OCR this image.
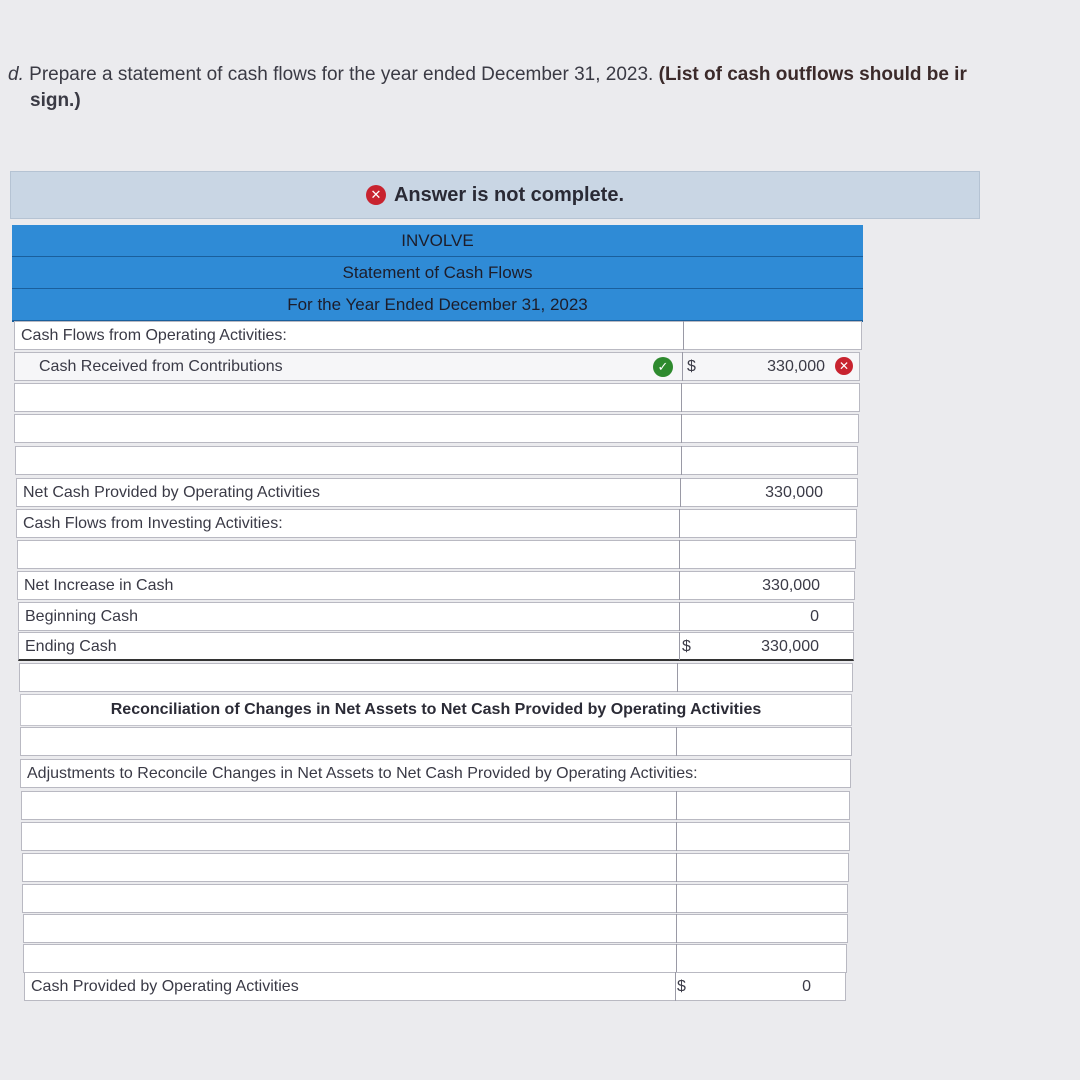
d. Prepare a statement of cash flows for the year ended December 31, 2023. (List of cash outflows should be ir
sign.)
✕ Answer is not complete.
INVOLVE
Statement of Cash Flows
For the Year Ended December 31, 2023
Cash Flows from Operating Activities:
Cash Received from Contributions	✓ $	330,000	✕
Net Cash Provided by Operating Activities	330,000
Cash Flows from Investing Activities:
Net Increase in Cash	330,000
Beginning Cash	0
Ending Cash	$	330,000
Reconciliation of Changes in Net Assets to Net Cash Provided by Operating Activities
Adjustments to Reconcile Changes in Net Assets to Net Cash Provided by Operating Activities:
Cash Provided by Operating Activities	$	0
